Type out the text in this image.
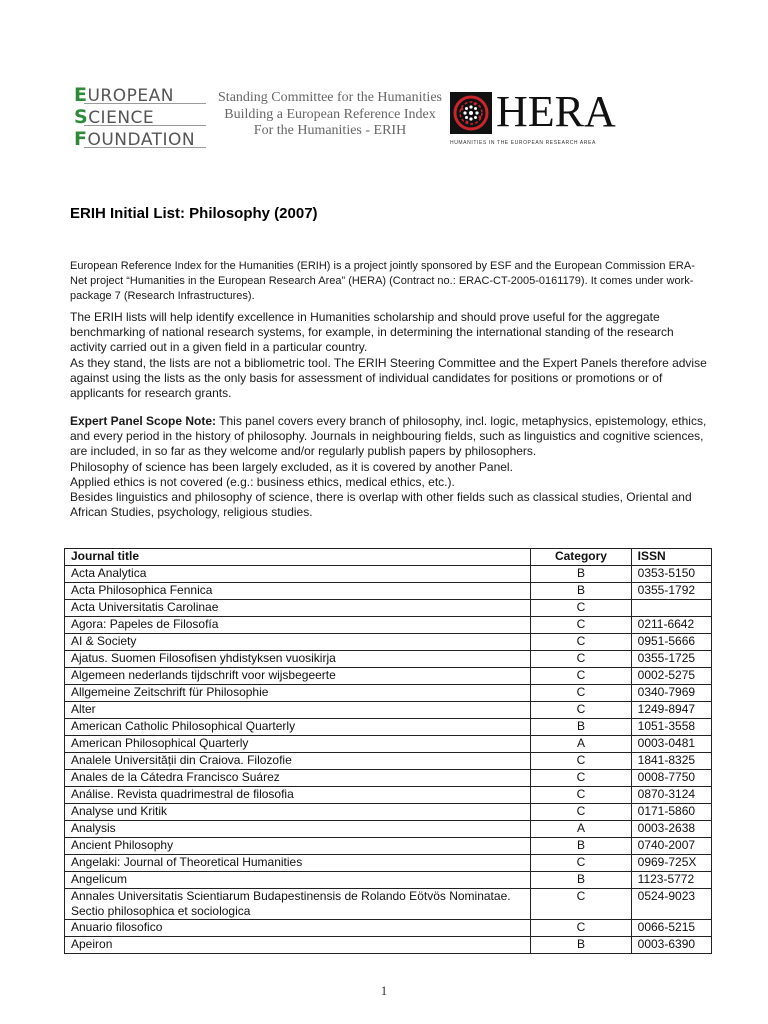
EUROPEAN
SCIENCE
FOUNDATION
Standing Committee for the Humanities
Building a European Reference Index
For the Humanities - ERIH	HERA
HUMANITIES IN THE EUROPEAN RESEARCH AREA
ERIH Initial List: Philosophy (2007)
European Reference Index for the Humanities (ERIH) is a project jointly sponsored by ESF and the European Commission ERA-Net project “Humanities in the European Research Area” (HERA) (Contract no.: ERAC-CT-2005-0161179). It comes under work-package 7 (Research Infrastructures).
The ERIH lists will help identify excellence in Humanities scholarship and should prove useful for the aggregate benchmarking of national research systems, for example, in determining the international standing of the research activity carried out in a given field in a particular country.
As they stand, the lists are not a bibliometric tool. The ERIH Steering Committee and the Expert Panels therefore advise against using the lists as the only basis for assessment of individual candidates for positions or promotions or of applicants for research grants.
Expert Panel Scope Note: This panel covers every branch of philosophy, incl. logic, metaphysics, epistemology, ethics, and every period in the history of philosophy. Journals in neighbouring fields, such as linguistics and cognitive sciences, are included, in so far as they welcome and/or regularly publish papers by philosophers.
Philosophy of science has been largely excluded, as it is covered by another Panel.
Applied ethics is not covered (e.g.: business ethics, medical ethics, etc.).
Besides linguistics and philosophy of science, there is overlap with other fields such as classical studies, Oriental and African Studies, psychology, religious studies.
Journal title	Category	ISSN
Acta Analytica	B	0353-5150
Acta Philosophica Fennica	B	0355-1792
Acta Universitatis Carolinae	C	
Agora: Papeles de Filosofía	C	0211-6642
AI & Society	C	0951-5666
Ajatus. Suomen Filosofisen yhdistyksen vuosikirja	C	0355-1725
Algemeen nederlands tijdschrift voor wijsbegeerte	C	0002-5275
Allgemeine Zeitschrift für Philosophie	C	0340-7969
Alter	C	1249-8947
American Catholic Philosophical Quarterly	B	1051-3558
American Philosophical Quarterly	A	0003-0481
Analele Universității din Craiova. Filozofie	C	1841-8325
Anales de la Cátedra Francisco Suárez	C	0008-7750
Análise. Revista quadrimestral de filosofia	C	0870-3124
Analyse und Kritik	C	0171-5860
Analysis	A	0003-2638
Ancient Philosophy	B	0740-2007
Angelaki: Journal of Theoretical Humanities	C	0969-725X
Angelicum	B	1123-5772
Annales Universitatis Scientiarum Budapestinensis de Rolando Eötvös Nominatae. Sectio philosophica et sociologica	C	0524-9023
Anuario filosofico	C	0066-5215
Apeiron	B	0003-6390
1
